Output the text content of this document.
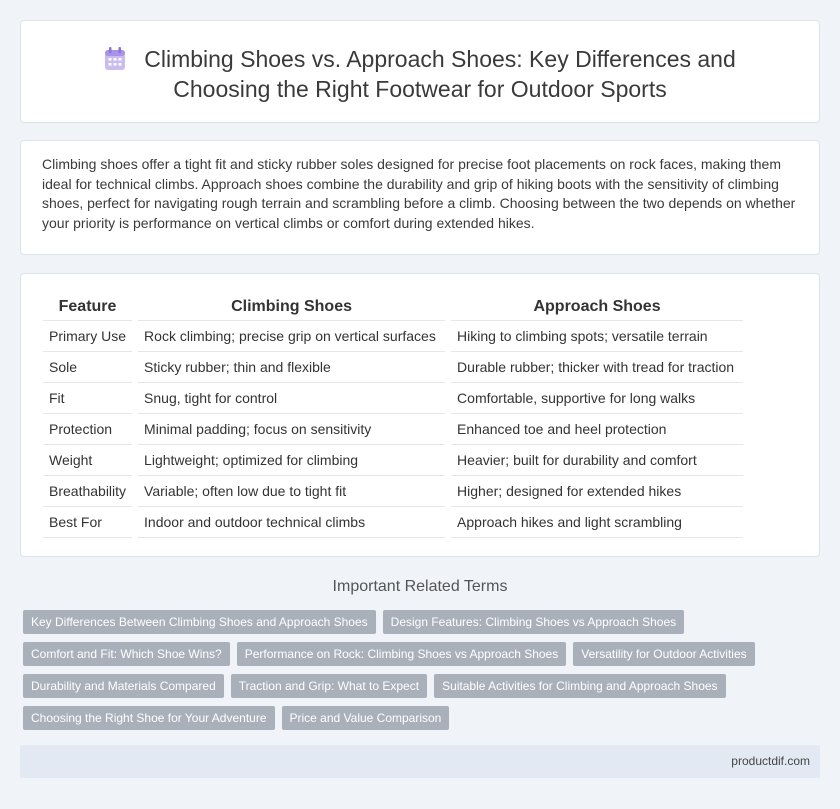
Climbing Shoes vs. Approach Shoes: Key Differences and Choosing the Right Footwear for Outdoor Sports

Climbing shoes offer a tight fit and sticky rubber soles designed for precise foot placements on rock faces, making them ideal for technical climbs. Approach shoes combine the durability and grip of hiking boots with the sensitivity of climbing shoes, perfect for navigating rough terrain and scrambling before a climb. Choosing between the two depends on whether your priority is performance on vertical climbs or comfort during extended hikes.

Feature	Climbing Shoes	Approach Shoes
Primary Use	Rock climbing; precise grip on vertical surfaces	Hiking to climbing spots; versatile terrain
Sole	Sticky rubber; thin and flexible	Durable rubber; thicker with tread for traction
Fit	Snug, tight for control	Comfortable, supportive for long walks
Protection	Minimal padding; focus on sensitivity	Enhanced toe and heel protection
Weight	Lightweight; optimized for climbing	Heavier; built for durability and comfort
Breathability	Variable; often low due to tight fit	Higher; designed for extended hikes
Best For	Indoor and outdoor technical climbs	Approach hikes and light scrambling
Important Related Terms
Key Differences Between Climbing Shoes and Approach Shoes	Design Features: Climbing Shoes vs Approach Shoes
Comfort and Fit: Which Shoe Wins?	Performance on Rock: Climbing Shoes vs Approach Shoes	Versatility for Outdoor Activities
Durability and Materials Compared	Traction and Grip: What to Expect	Suitable Activities for Climbing and Approach Shoes
Choosing the Right Shoe for Your Adventure	Price and Value Comparison
productdif.com
